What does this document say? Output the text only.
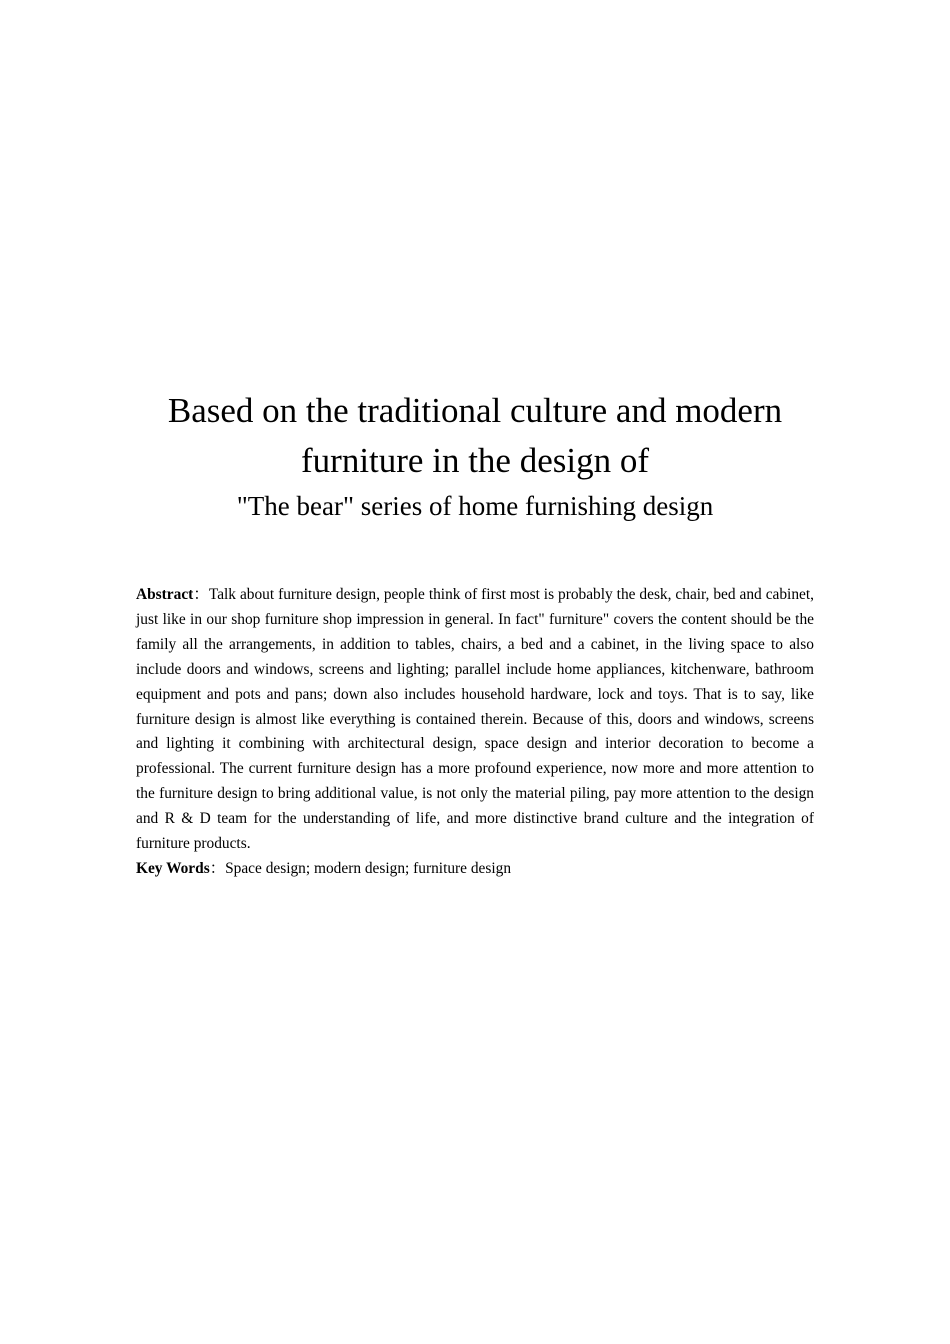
Based on the traditional culture and modern
furniture in the design of
"The bear" series of home furnishing design

Abstract：Talk about furniture design, people think of first most is probably the desk, chair, bed and cabinet, just like in our shop furniture shop impression in general. In fact" furniture" covers the content should be the family all the arrangements, in addition to tables, chairs, a bed and a cabinet, in the living space to also include doors and windows, screens and lighting; parallel include home appliances, kitchenware, bathroom equipment and pots and pans; down also includes household hardware, lock and toys. That is to say, like furniture design is almost like everything is contained therein. Because of this, doors and windows, screens and lighting it combining with architectural design, space design and interior decoration to become a professional. The current furniture design has a more profound experience, now more and more attention to the furniture design to bring additional value, is not only the material piling, pay more attention to the design and R & D team for the understanding of life, and more distinctive brand culture and the integration of furniture products.

Key Words：Space design; modern design; furniture design
